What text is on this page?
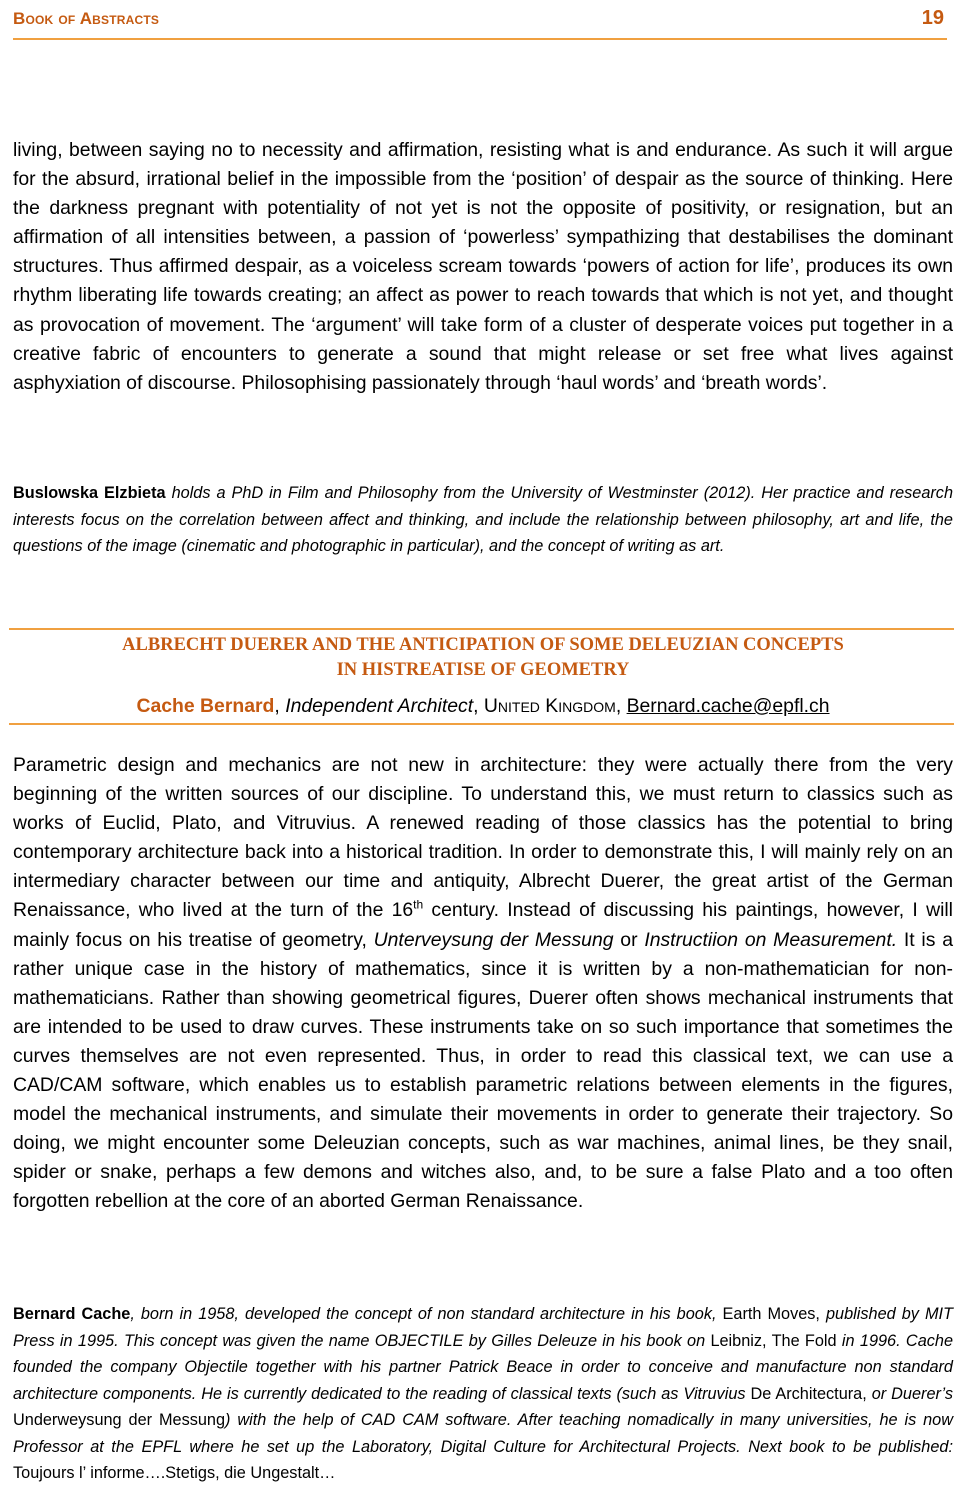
Book of Abstracts	19
living, between saying no to necessity and affirmation, resisting what is and endurance. As such it will argue for the absurd, irrational belief in the impossible from the ‘position’ of despair as the source of thinking. Here the darkness pregnant with potentiality of not yet is not the opposite of positivity, or resignation, but an affirmation of all intensities between, a passion of ‘powerless’ sympathizing that destabilises the dominant structures. Thus affirmed despair, as a voiceless scream towards ‘powers of action for life’, produces its own rhythm liberating life towards creating; an affect as power to reach towards that which is not yet, and thought as provocation of movement. The ‘argument’ will take form of a cluster of desperate voices put together in a creative fabric of encounters to generate a sound that might release or set free what lives against asphyxiation of discourse. Philosophising passionately through ‘haul words’ and ‘breath words’.
Buslowska Elzbieta holds a PhD in Film and Philosophy from the University of Westminster (2012). Her practice and research interests focus on the correlation between affect and thinking, and include the relationship between philosophy, art and life, the questions of the image (cinematic and photographic in particular), and the concept of writing as art.
ALBRECHT DUERER AND THE ANTICIPATION OF SOME DELEUZIAN CONCEPTS
IN HISTREATISE OF GEOMETRY
Cache Bernard, Independent Architect, UNITED KINGDOM, Bernard.cache@epfl.ch
Parametric design and mechanics are not new in architecture: they were actually there from the very beginning of the written sources of our discipline. To understand this, we must return to classics such as works of Euclid, Plato, and Vitruvius. A renewed reading of those classics has the potential to bring contemporary architecture back into a historical tradition. In order to demonstrate this, I will mainly rely on an intermediary character between our time and antiquity, Albrecht Duerer, the great artist of the German Renaissance, who lived at the turn of the 16th century. Instead of discussing his paintings, however, I will mainly focus on his treatise of geometry, Unterveysung der Messung or Instructiion on Measurement. It is a rather unique case in the history of mathematics, since it is written by a non-mathematician for non-mathematicians. Rather than showing geometrical figures, Duerer often shows mechanical instruments that are intended to be used to draw curves. These instruments take on so such importance that sometimes the curves themselves are not even represented. Thus, in order to read this classical text, we can use a CAD/CAM software, which enables us to establish parametric relations between elements in the figures, model the mechanical instruments, and simulate their movements in order to generate their trajectory. So doing, we might encounter some Deleuzian concepts, such as war machines, animal lines, be they snail, spider or snake, perhaps a few demons and witches also, and, to be sure a false Plato and a too often forgotten rebellion at the core of an aborted German Renaissance.
Bernard Cache, born in 1958, developed the concept of non standard architecture in his book, Earth Moves, published by MIT Press in 1995. This concept was given the name OBJECTILE by Gilles Deleuze in his book on Leibniz, The Fold in 1996. Cache founded the company Objectile together with his partner Patrick Beace in order to conceive and manufacture non standard architecture components. He is currently dedicated to the reading of classical texts (such as Vitruvius De Architectura, or Duerer’s Underweysung der Messung) with the help of CAD CAM software. After teaching nomadically in many universities, he is now Professor at the EPFL where he set up the Laboratory, Digital Culture for Architectural Projects. Next book to be published: Toujours l’ informe….Stetigs, die Ungestalt…
